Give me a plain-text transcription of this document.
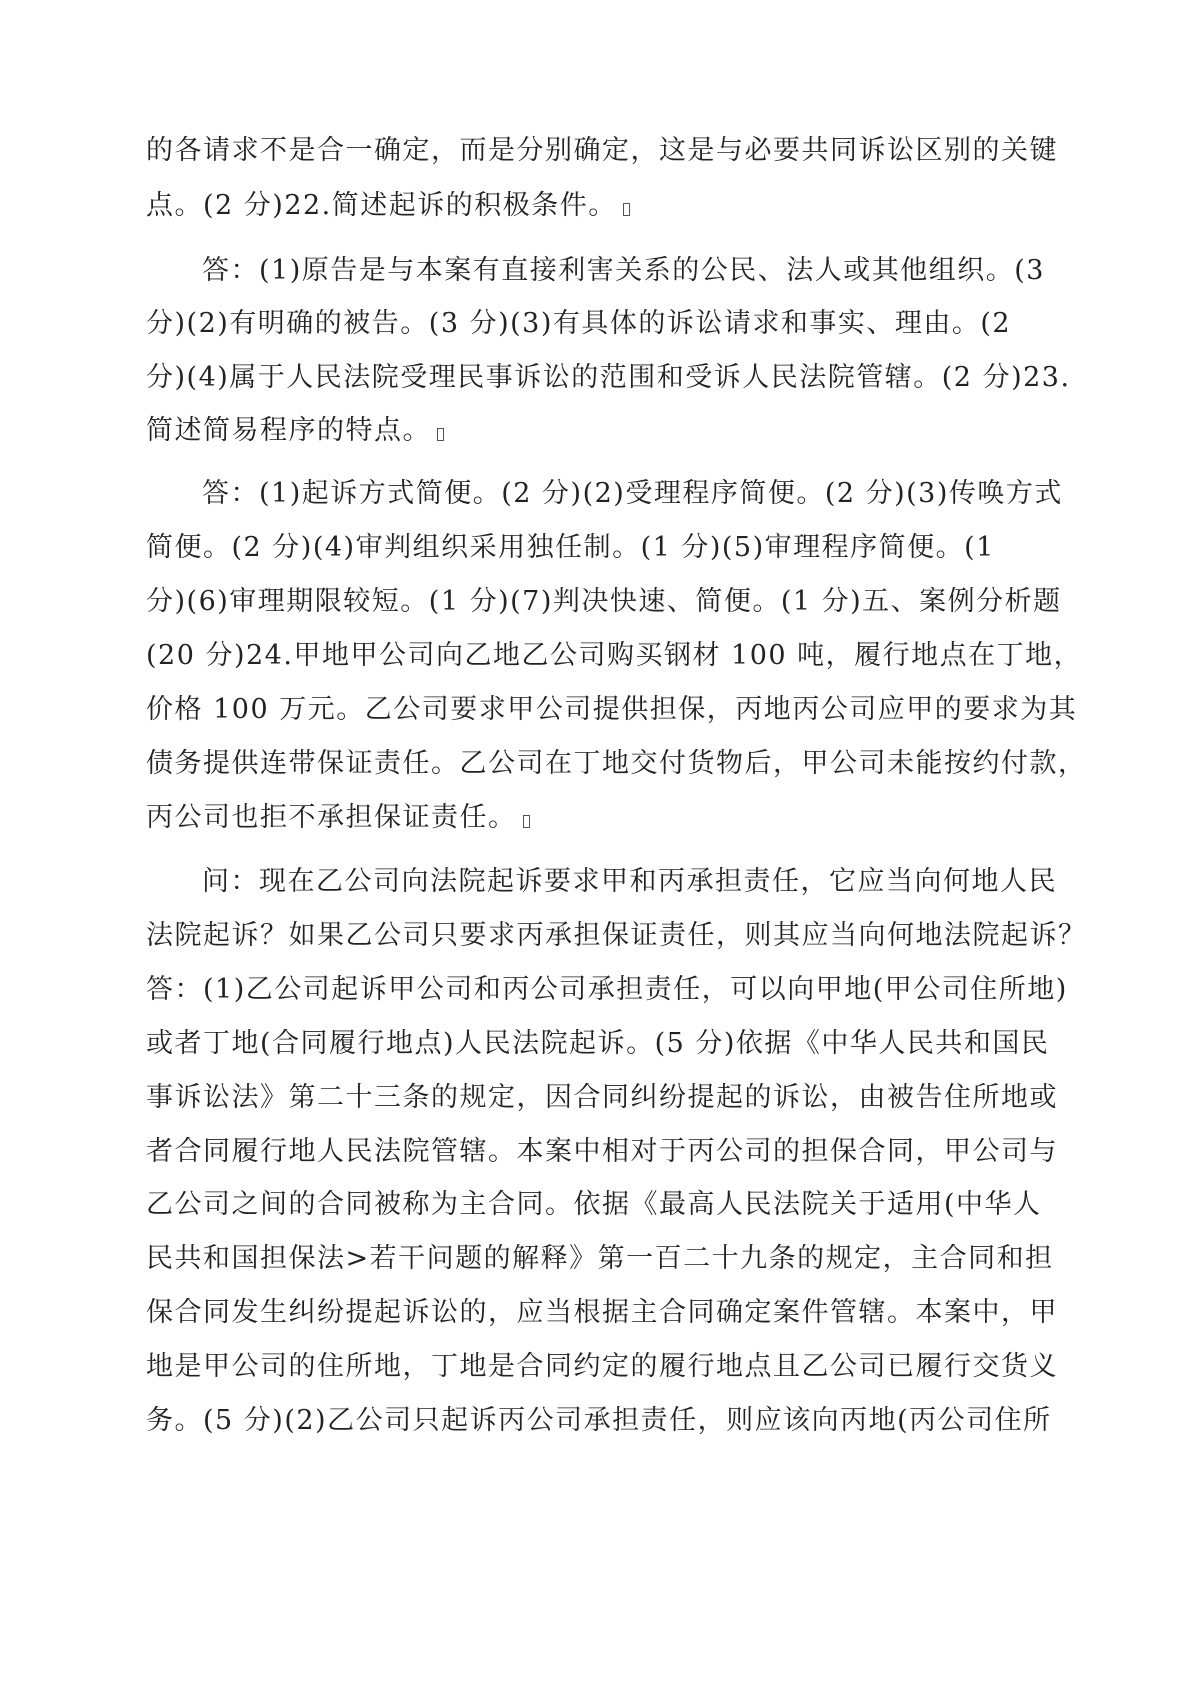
的各请求不是合一确定，而是分别确定，这是与必要共同诉讼区别的关键
点。(2 分)22.简述起诉的积极条件。
答：(1)原告是与本案有直接利害关系的公民、法人或其他组织。(3
分)(2)有明确的被告。(3 分)(3)有具体的诉讼请求和事实、理由。(2
分)(4)属于人民法院受理民事诉讼的范围和受诉人民法院管辖。(2 分)23.
简述简易程序的特点。
答：(1)起诉方式简便。(2 分)(2)受理程序简便。(2 分)(3)传唤方式
简便。(2 分)(4)审判组织采用独任制。(1 分)(5)审理程序简便。(1
分)(6)审理期限较短。(1 分)(7)判决快速、简便。(1 分)五、案例分析题
(20 分)24.甲地甲公司向乙地乙公司购买钢材 100 吨，履行地点在丁地，
价格 100 万元。乙公司要求甲公司提供担保，丙地丙公司应甲的要求为其
债务提供连带保证责任。乙公司在丁地交付货物后，甲公司未能按约付款，
丙公司也拒不承担保证责任。
问：现在乙公司向法院起诉要求甲和丙承担责任，它应当向何地人民
法院起诉？如果乙公司只要求丙承担保证责任，则其应当向何地法院起诉？
答：(1)乙公司起诉甲公司和丙公司承担责任，可以向甲地(甲公司住所地)
或者丁地(合同履行地点)人民法院起诉。(5 分)依据《中华人民共和国民
事诉讼法》第二十三条的规定，因合同纠纷提起的诉讼，由被告住所地或
者合同履行地人民法院管辖。本案中相对于丙公司的担保合同，甲公司与
乙公司之间的合同被称为主合同。依据《最高人民法院关于适用(中华人
民共和国担保法>若干问题的解释》第一百二十九条的规定，主合同和担
保合同发生纠纷提起诉讼的，应当根据主合同确定案件管辖。本案中，甲
地是甲公司的住所地，丁地是合同约定的履行地点且乙公司已履行交货义
务。(5 分)(2)乙公司只起诉丙公司承担责任，则应该向丙地(丙公司住所
